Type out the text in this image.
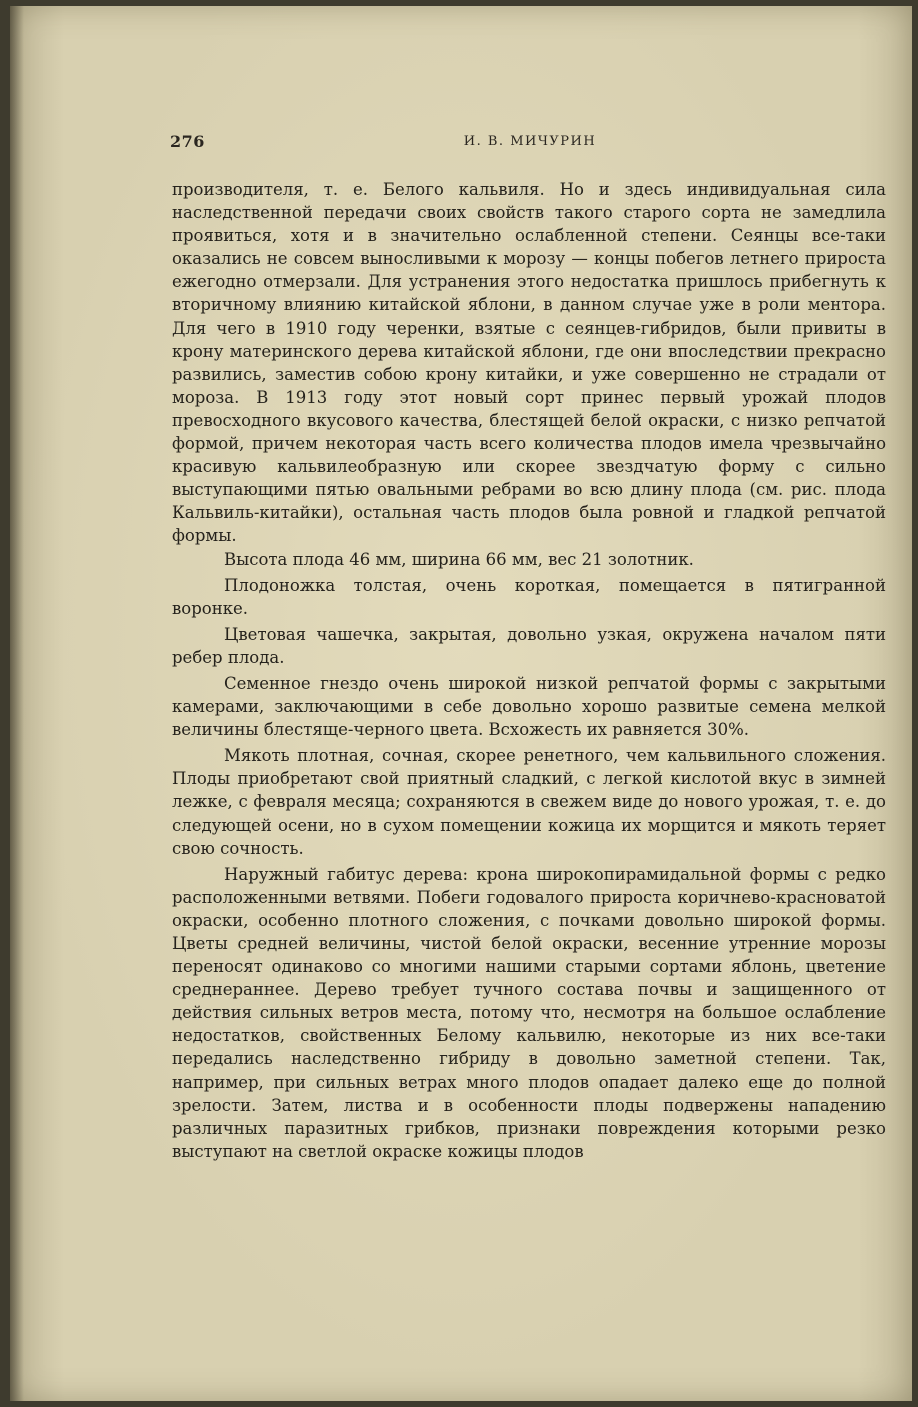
276	И. В. МИЧУРИН

производителя, т. е. Белого кальвиля. Но и здесь индивидуальная сила наследственной передачи своих свойств такого старого сорта не замедлила проявиться, хотя и в значительно ослабленной степени. Сеянцы все-таки оказались не совсем выносливыми к морозу — концы побегов летнего прироста ежегодно отмерзали. Для устранения этого недостатка пришлось прибегнуть к вторичному влиянию китайской яблони, в данном случае уже в роли ментора. Для чего в 1910 году черенки, взятые с сеянцев-гибридов, были привиты в крону материнского дерева китайской яблони, где они впоследствии прекрасно развились, заместив собою крону китайки, и уже совершенно не страдали от мороза. В 1913 году этот новый сорт принес первый урожай плодов превосходного вкусового качества, блестящей белой окраски, с низко репчатой формой, причем некоторая часть всего количества плодов имела чрезвычайно красивую кальвилеобразную или скорее звездчатую форму с сильно выступающими пятью овальными ребрами во всю длину плода (см. рис. плода Кальвиль-китайки), остальная часть плодов была ровной и гладкой репчатой формы.

Высота плода 46 мм, ширина 66 мм, вес 21 золотник.

Плодоножка толстая, очень короткая, помещается в пятигранной воронке.

Цветовая чашечка, закрытая, довольно узкая, окружена началом пяти ребер плода.

Семенное гнездо очень широкой низкой репчатой формы с закрытыми камерами, заключающими в себе довольно хорошо развитые семена мелкой величины блестяще-черного цвета. Всхожесть их равняется 30%.

Мякоть плотная, сочная, скорее ренетного, чем кальвильного сложения. Плоды приобретают свой приятный сладкий, с легкой кислотой вкус в зимней лежке, с февраля месяца; сохраняются в свежем виде до нового урожая, т. е. до следующей осени, но в сухом помещении кожица их морщится и мякоть теряет свою сочность.

Наружный габитус дерева: крона широкопирамидальной формы с редко расположенными ветвями. Побеги годовалого прироста коричнево-красноватой окраски, особенно плотного сложения, с почками довольно широкой формы. Цветы средней величины, чистой белой окраски, весенние утренние морозы переносят одинаково со многими нашими старыми сортами яблонь, цветение среднераннее. Дерево требует тучного состава почвы и защищенного от действия сильных ветров места, потому что, несмотря на большое ослабление недостатков, свойственных Белому кальвилю, некоторые из них все-таки передались наследственно гибриду в довольно заметной степени. Так, например, при сильных ветрах много плодов опадает далеко еще до полной зрелости. Затем, листва и в особенности плоды подвержены нападению различных паразитных грибков, признаки повреждения которыми резко выступают на светлой окраске кожицы плодов
